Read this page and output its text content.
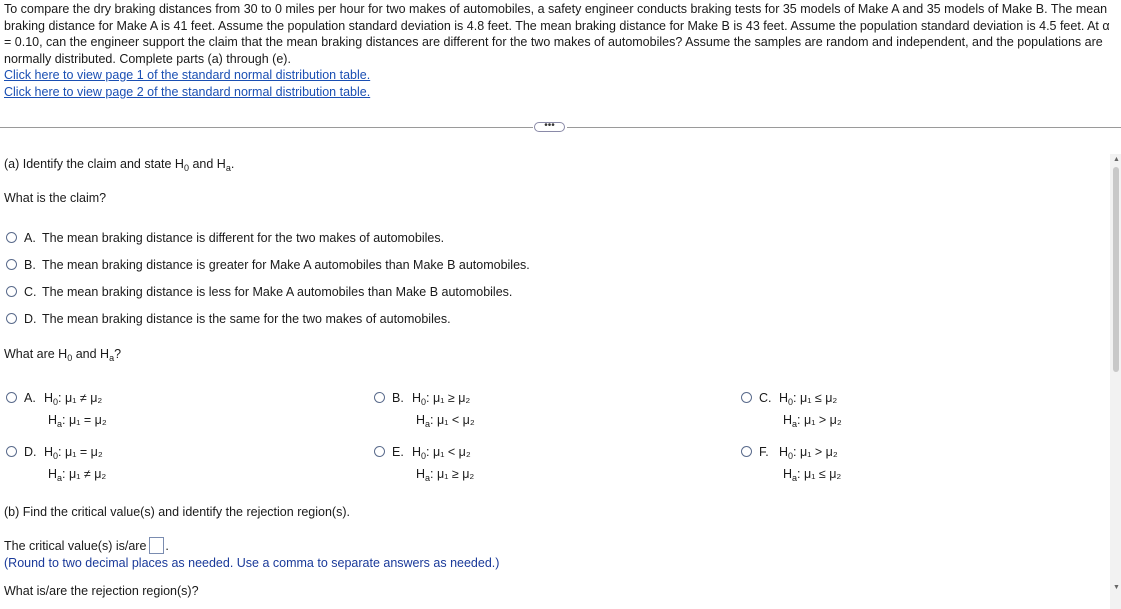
To compare the dry braking distances from 30 to 0 miles per hour for two makes of automobiles, a safety engineer conducts braking tests for 35 models of Make A and 35 models of Make B. The mean braking distance for Make A is 41 feet. Assume the population standard deviation is 4.8 feet. The mean braking distance for Make B is 43 feet. Assume the population standard deviation is 4.5 feet. At α = 0.10, can the engineer support the claim that the mean braking distances are different for the two makes of automobiles? Assume the samples are random and independent, and the populations are normally distributed. Complete parts (a) through (e).
Click here to view page 1 of the standard normal distribution table.
Click here to view page 2 of the standard normal distribution table.
•••
(a) Identify the claim and state $H_0$ and $H_a$.
What is the claim?
A. The mean braking distance is different for the two makes of automobiles.
B. The mean braking distance is greater for Make A automobiles than Make B automobiles.
C. The mean braking distance is less for Make A automobiles than Make B automobiles.
D. The mean braking distance is the same for the two makes of automobiles.
What are $H_0$ and $H_a$?
A. $H_0$: μ₁ ≠ μ₂
$H_a$: μ₁ = μ₂
B. $H_0$: μ₁ ≥ μ₂
$H_a$: μ₁ < μ₂
C. $H_0$: μ₁ ≤ μ₂
$H_a$: μ₁ > μ₂
D. $H_0$: μ₁ = μ₂
$H_a$: μ₁ ≠ μ₂
E. $H_0$: μ₁ < μ₂
$H_a$: μ₁ ≥ μ₂
F. $H_0$: μ₁ > μ₂
$H_a$: μ₁ ≤ μ₂
(b) Find the critical value(s) and identify the rejection region(s).
The critical value(s) is/are .
(Round to two decimal places as needed. Use a comma to separate answers as needed.)
What is/are the rejection region(s)?
▲
▼
